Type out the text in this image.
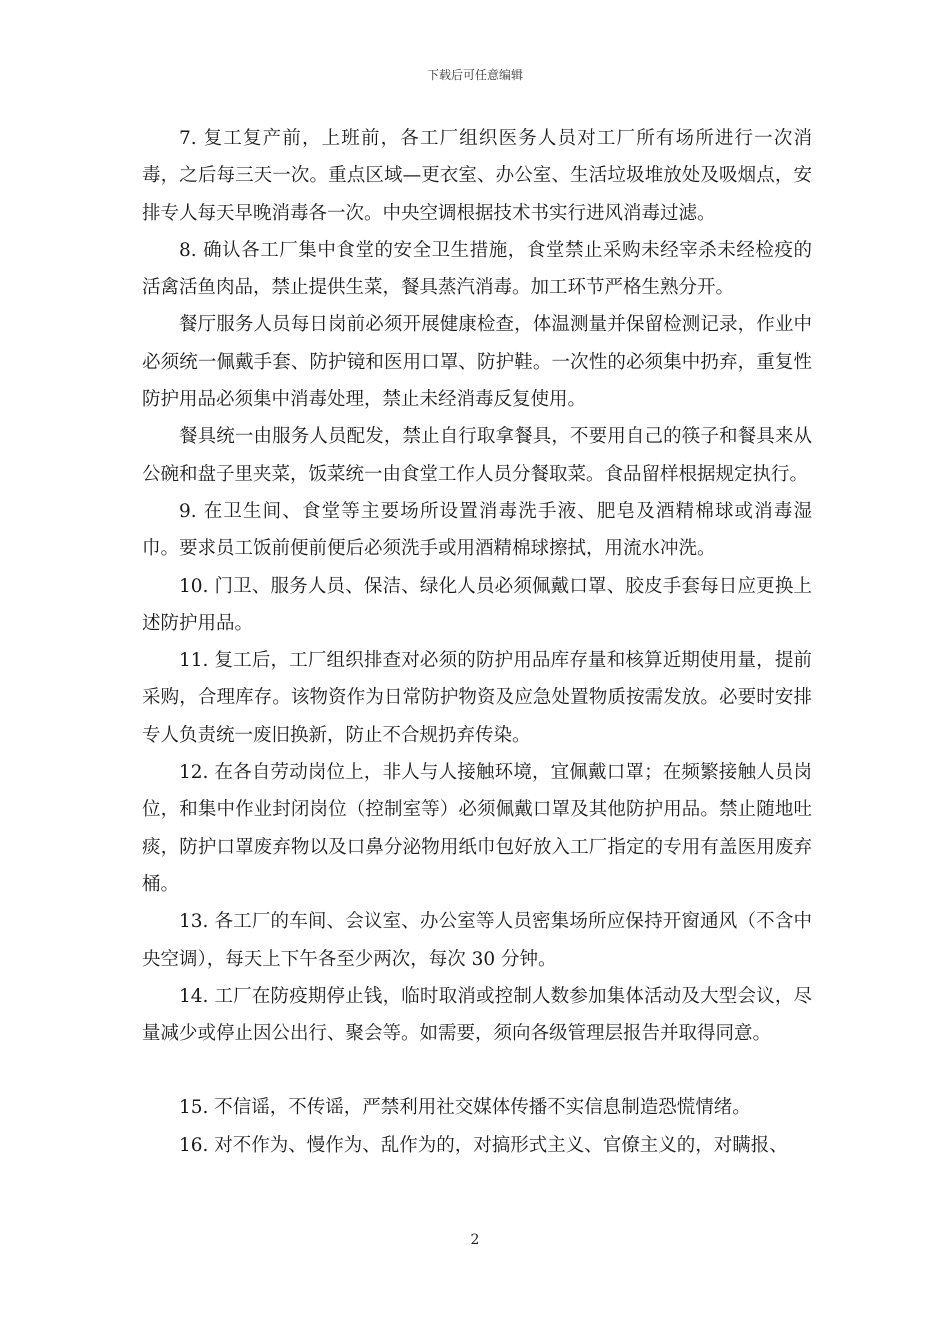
下载后可任意编辑

7. 复工复产前，上班前，各工厂组织医务人员对工厂所有场所进行一次消毒，之后每三天一次。重点区域—更衣室、办公室、生活垃圾堆放处及吸烟点，安排专人每天早晚消毒各一次。中央空调根据技术书实行进风消毒过滤。

8. 确认各工厂集中食堂的安全卫生措施，食堂禁止采购未经宰杀未经检疫的活禽活鱼肉品，禁止提供生菜，餐具蒸汽消毒。加工环节严格生熟分开。

餐厅服务人员每日岗前必须开展健康检查，体温测量并保留检测记录，作业中必须统一佩戴手套、防护镜和医用口罩、防护鞋。一次性的必须集中扔弃，重复性防护用品必须集中消毒处理，禁止未经消毒反复使用。

餐具统一由服务人员配发，禁止自行取拿餐具，不要用自己的筷子和餐具来从公碗和盘子里夹菜，饭菜统一由食堂工作人员分餐取菜。食品留样根据规定执行。

9. 在卫生间、食堂等主要场所设置消毒洗手液、肥皂及酒精棉球或消毒湿巾。要求员工饭前便前便后必须洗手或用酒精棉球擦拭，用流水冲洗。

10. 门卫、服务人员、保洁、绿化人员必须佩戴口罩、胶皮手套每日应更换上述防护用品。

11. 复工后，工厂组织排查对必须的防护用品库存量和核算近期使用量，提前采购，合理库存。该物资作为日常防护物资及应急处置物质按需发放。必要时安排专人负责统一废旧换新，防止不合规扔弃传染。

12. 在各自劳动岗位上，非人与人接触环境，宜佩戴口罩；在频繁接触人员岗位，和集中作业封闭岗位（控制室等）必须佩戴口罩及其他防护用品。禁止随地吐痰，防护口罩废弃物以及口鼻分泌物用纸巾包好放入工厂指定的专用有盖医用废弃桶。

13. 各工厂的车间、会议室、办公室等人员密集场所应保持开窗通风（不含中央空调），每天上下午各至少两次，每次 30 分钟。

14. 工厂在防疫期停止钱，临时取消或控制人数参加集体活动及大型会议，尽量减少或停止因公出行、聚会等。如需要，须向各级管理层报告并取得同意。

15. 不信谣，不传谣，严禁利用社交媒体传播不实信息制造恐慌情绪。

16. 对不作为、慢作为、乱作为的，对搞形式主义、官僚主义的，对瞒报、

2
